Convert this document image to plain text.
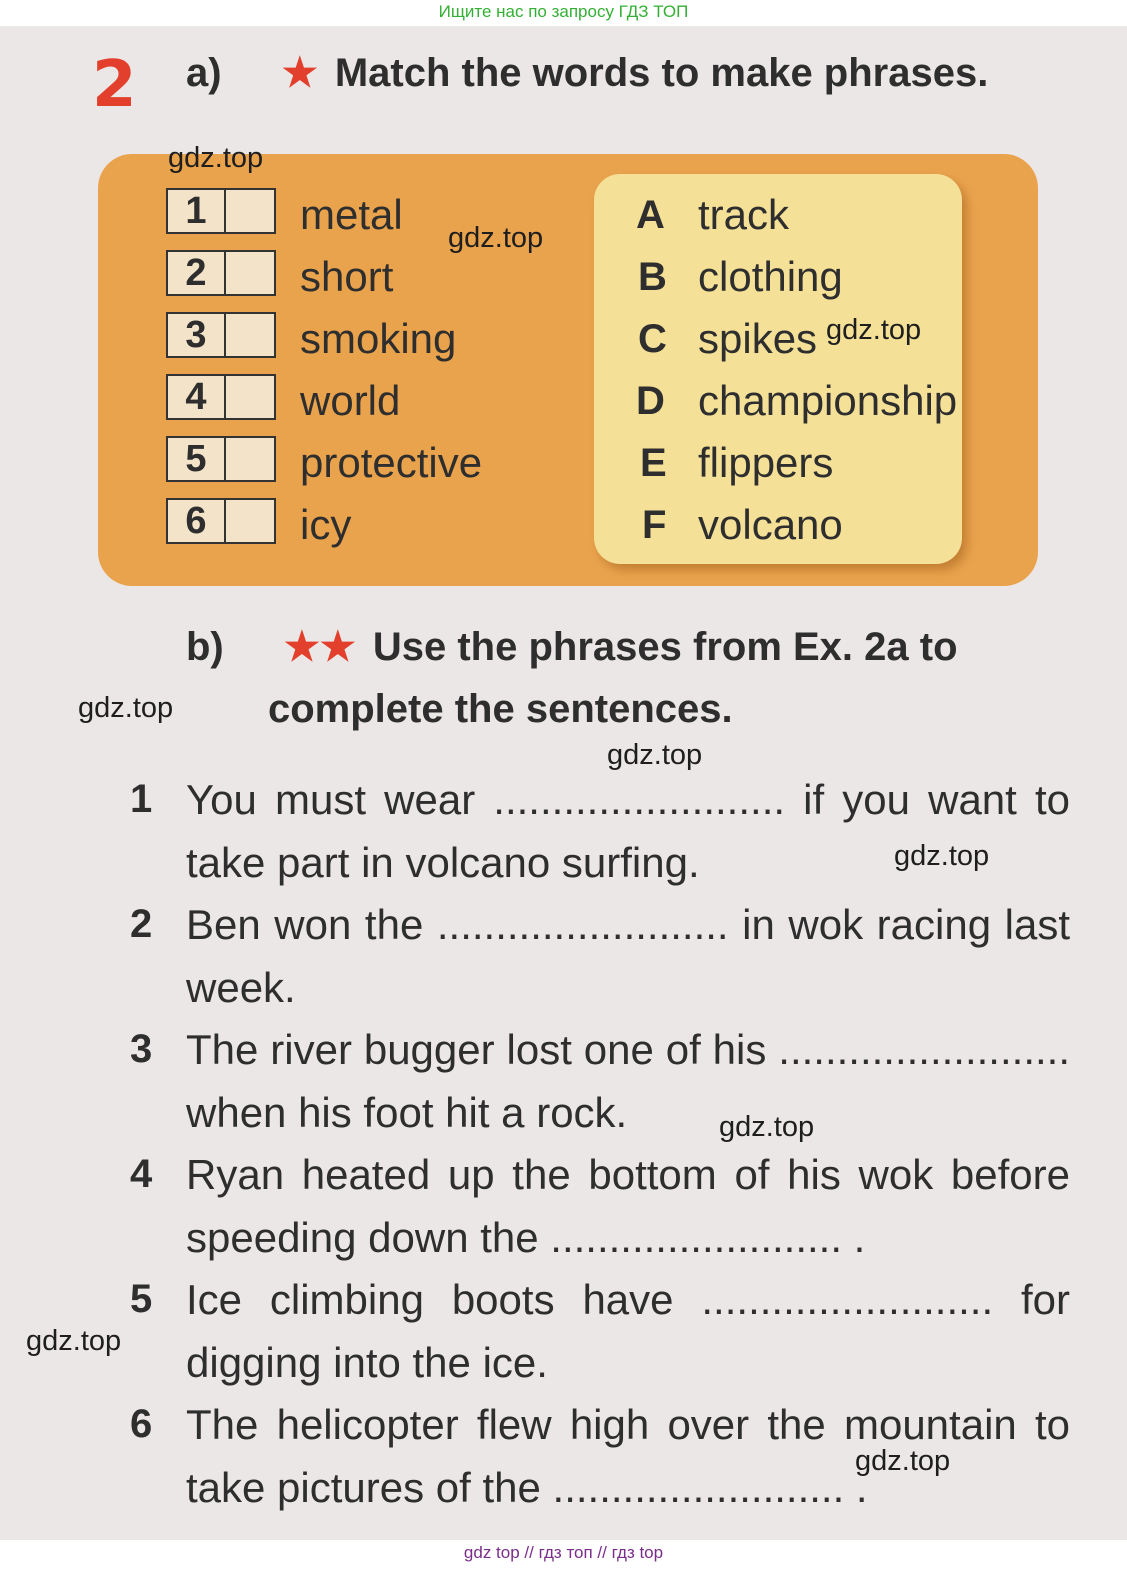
Ищите нас по запросу ГДЗ ТОП
2 a) ★ Match the words to make phrases.
1	metal
2	short
3	smoking
4	world
5	protective
6	icy
A track
B clothing
C spikes
D championship
E flippers
F volcano
b) ★★ Use the phrases from Ex. 2a to
complete the sentences.
1 You must wear ......................... if you want to take part in volcano surfing.
2 Ben won the ......................... in wok racing last week.
3 The river bugger lost one of his ......................... when his foot hit a rock.
4 Ryan heated up the bottom of his wok before speeding down the ......................... .
5 Ice climbing boots have ......................... for digging into the ice.
6 The helicopter flew high over the mountain to take pictures of the ......................... .
gdz.top
gdz.top
gdz.top
gdz.top
gdz.top
gdz.top
gdz.top
gdz.top
gdz.top
gdz top // гдз топ // гдз top
